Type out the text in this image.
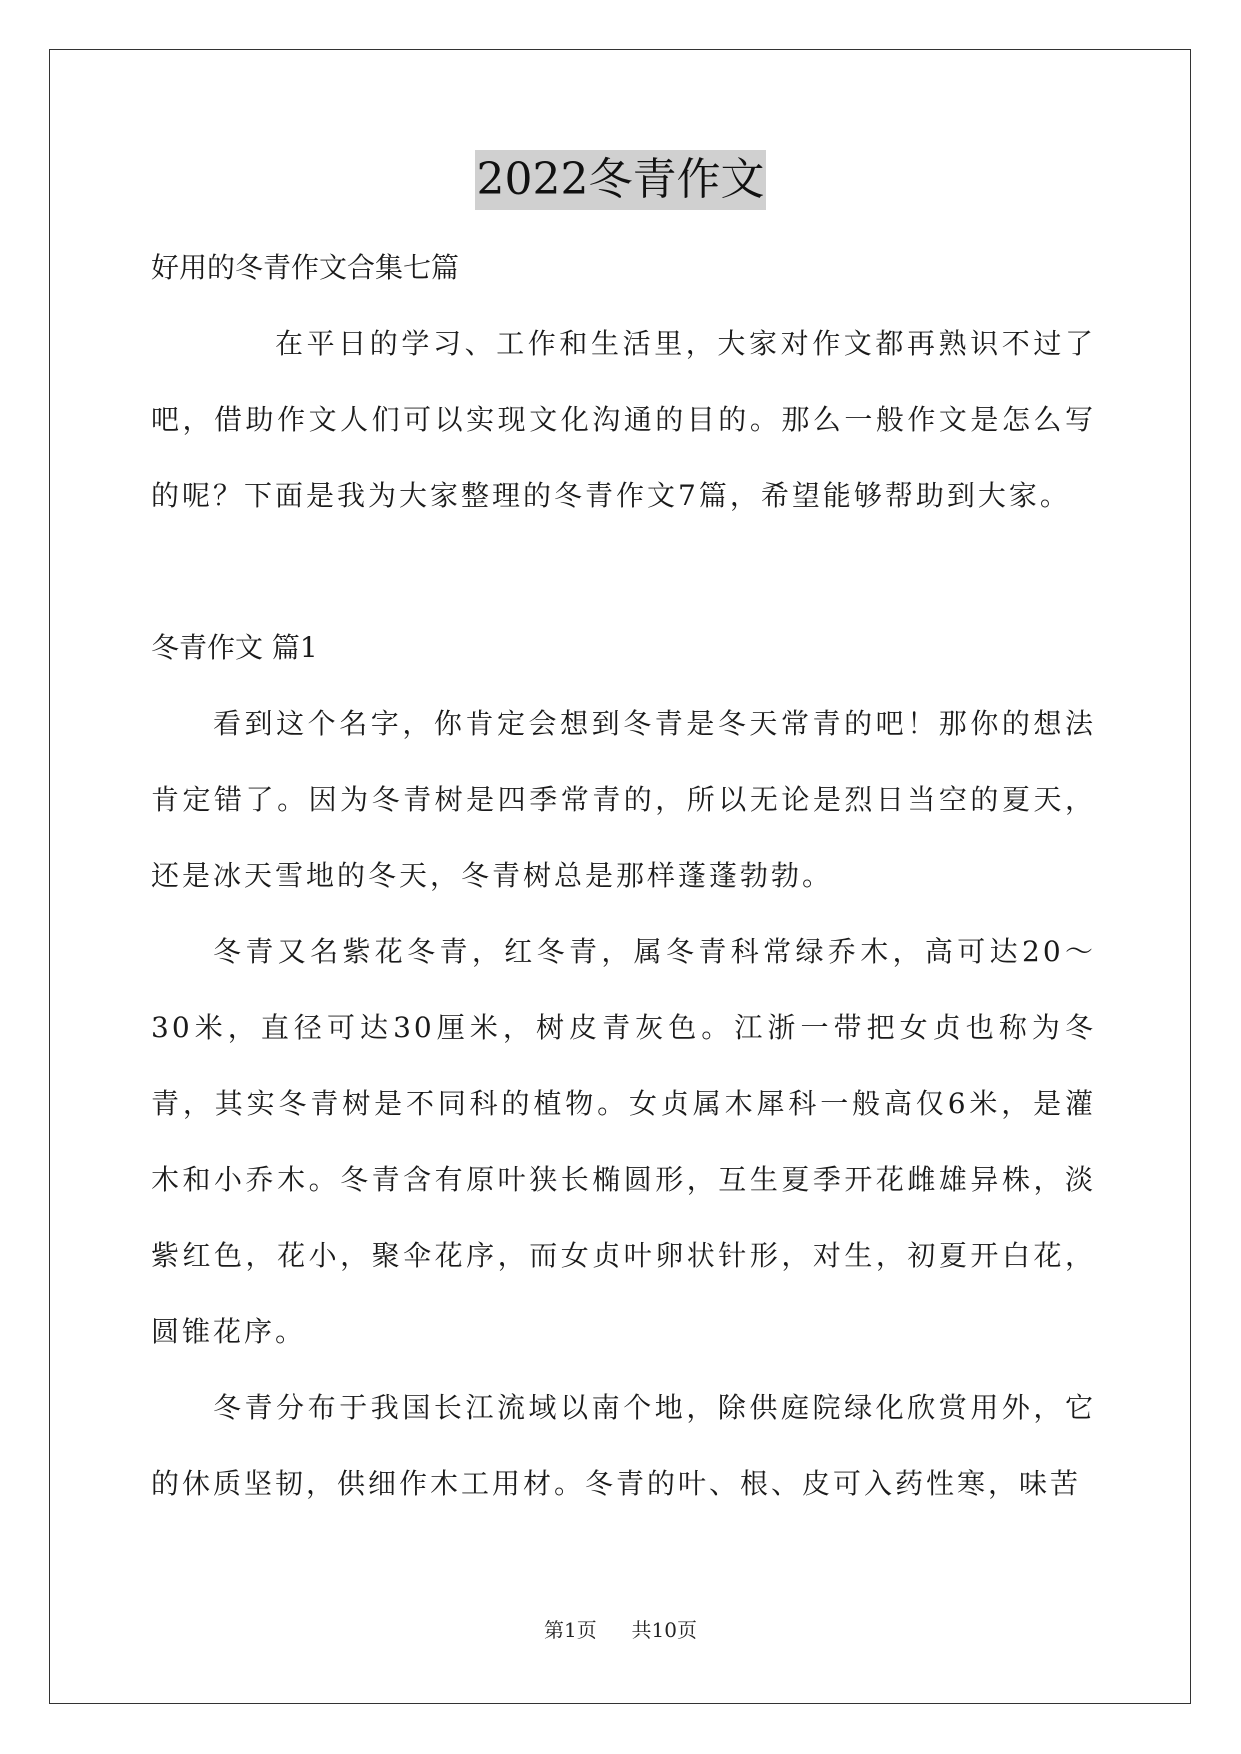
2022冬青作文

好用的冬青作文合集七篇

在平日的学习、工作和生活里，大家对作文都再熟识不过了吧，借助作文人们可以实现文化沟通的目的。那么一般作文是怎么写的呢？下面是我为大家整理的冬青作文7篇，希望能够帮助到大家。

冬青作文 篇1

看到这个名字，你肯定会想到冬青是冬天常青的吧！那你的想法肯定错了。因为冬青树是四季常青的，所以无论是烈日当空的夏天，还是冰天雪地的冬天，冬青树总是那样蓬蓬勃勃。

冬青又名紫花冬青，红冬青，属冬青科常绿乔木，高可达20～30米，直径可达30厘米，树皮青灰色。江浙一带把女贞也称为冬青，其实冬青树是不同科的植物。女贞属木犀科一般高仅6米，是灌木和小乔木。冬青含有原叶狭长椭圆形，互生夏季开花雌雄异株，淡紫红色，花小，聚伞花序，而女贞叶卵状针形，对生，初夏开白花，圆锥花序。

冬青分布于我国长江流域以南个地，除供庭院绿化欣赏用外，它的休质坚韧，供细作木工用材。冬青的叶、根、皮可入药性寒，味苦

第1页 共10页
